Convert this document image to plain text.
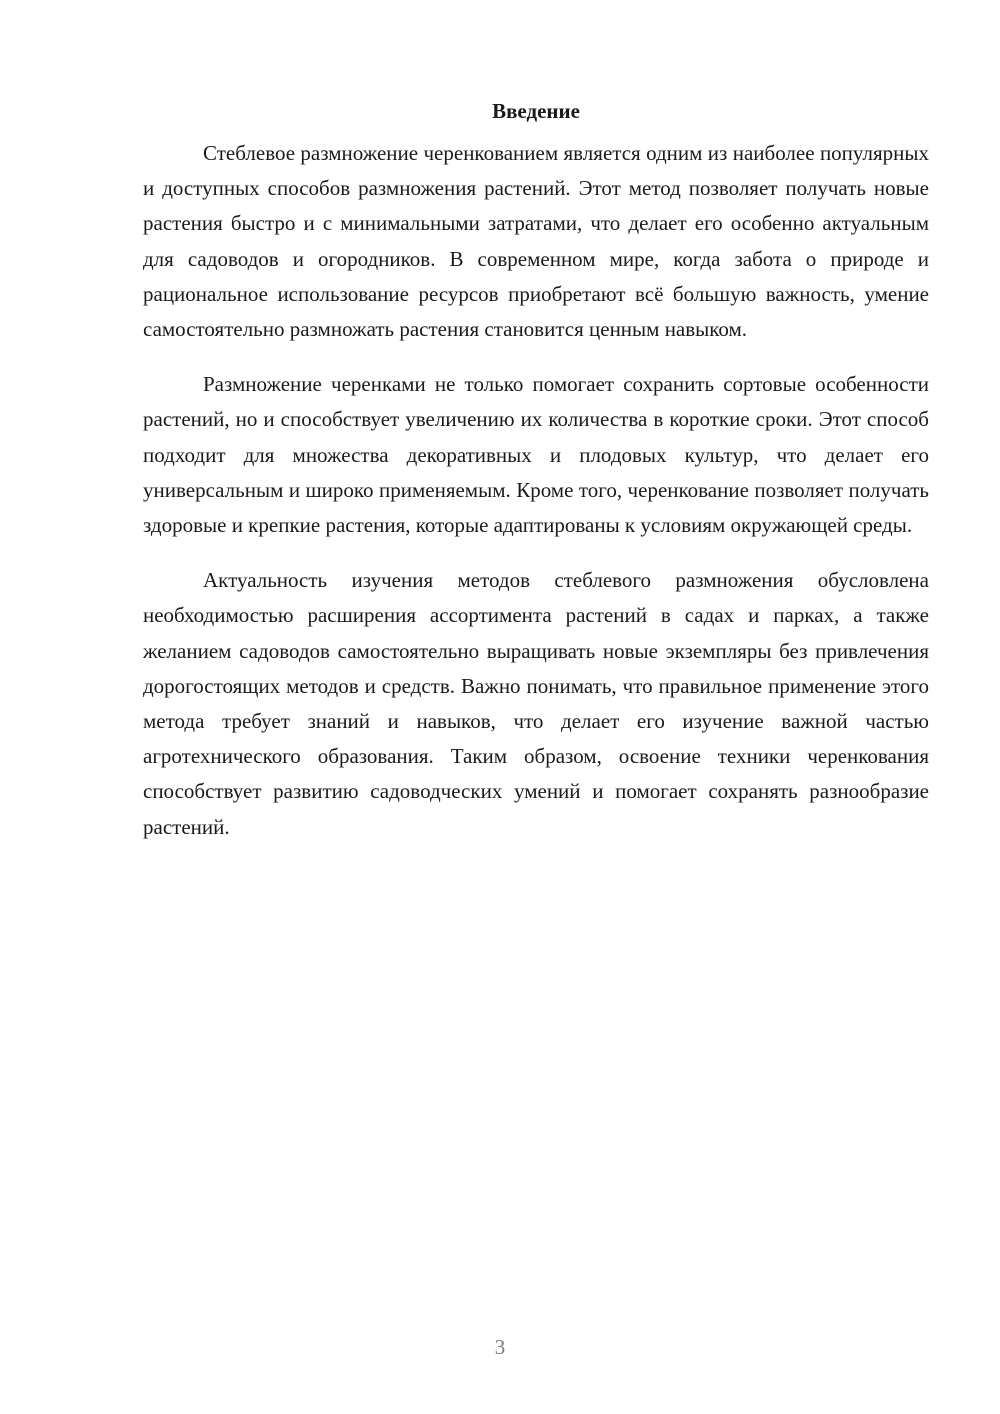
Введение

Стеблевое размножение черенкованием является одним из наиболее популярных и доступных способов размножения растений. Этот метод позволяет получать новые растения быстро и с минимальными затратами, что делает его особенно актуальным для садоводов и огородников. В современном мире, когда забота о природе и рациональное использование ресурсов приобретают всё большую важность, умение самостоятельно размножать растения становится ценным навыком.

Размножение черенками не только помогает сохранить сортовые особенности растений, но и способствует увеличению их количества в короткие сроки. Этот способ подходит для множества декоративных и плодовых культур, что делает его универсальным и широко применяемым. Кроме того, черенкование позволяет получать здоровые и крепкие растения, которые адаптированы к условиям окружающей среды.

Актуальность изучения методов стеблевого размножения обусловлена необходимостью расширения ассортимента растений в садах и парках, а также желанием садоводов самостоятельно выращивать новые экземпляры без привлечения дорогостоящих методов и средств. Важно понимать, что правильное применение этого метода требует знаний и навыков, что делает его изучение важной частью агротехнического образования. Таким образом, освоение техники черенкования способствует развитию садоводческих умений и помогает сохранять разнообразие растений.

3
